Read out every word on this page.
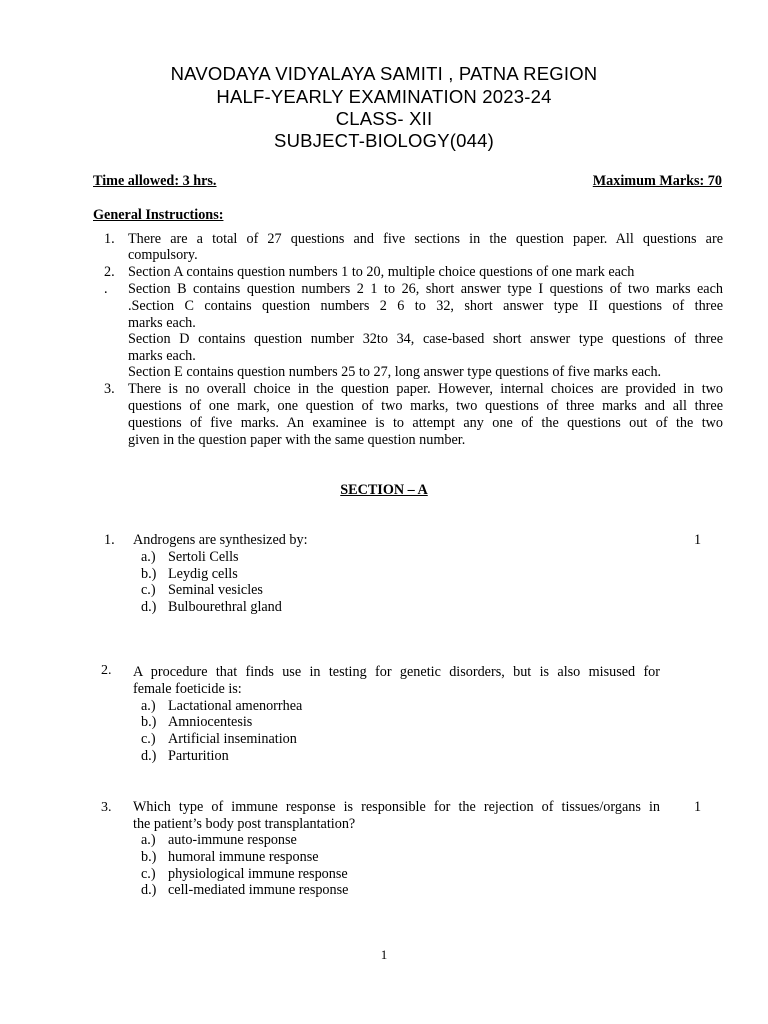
NAVODAYA VIDYALAYA SAMITI , PATNA REGION
HALF-YEARLY EXAMINATION 2023-24
CLASS- XII
SUBJECT-BIOLOGY(044)
Time allowed: 3 hrs.	Maximum Marks: 70
General Instructions:
1. There are a total of 27 questions and five sections in the question paper. All questions are
compulsory.
2. Section A contains question numbers 1 to 20, multiple choice questions of one mark each
. Section B contains question numbers 2 1 to 26, short answer type I questions of two marks each
.Section C contains question numbers 2 6 to 32, short answer type II questions of three
marks each.
Section D contains question number 32to 34, case-based short answer type questions of three
marks each.
Section E contains question numbers 25 to 27, long answer type questions of five marks each.
3. There is no overall choice in the question paper. However, internal choices are provided in two
questions of one mark, one question of two marks, two questions of three marks and all three
questions of five marks. An examinee is to attempt any one of the questions out of the two
given in the question paper with the same question number.
SECTION – A
1. Androgens are synthesized by:	1
a.) Sertoli Cells
b.) Leydig cells
c.) Seminal vesicles
d.) Bulbourethral gland
2. A procedure that finds use in testing for genetic disorders, but is also misused for
female foeticide is:
a.) Lactational amenorrhea
b.) Amniocentesis
c.) Artificial insemination
d.) Parturition
3. Which type of immune response is responsible for the rejection of tissues/organs in 1
the patient’s body post transplantation?
a.) auto-immune response
b.) humoral immune response
c.) physiological immune response
d.) cell-mediated immune response
1
